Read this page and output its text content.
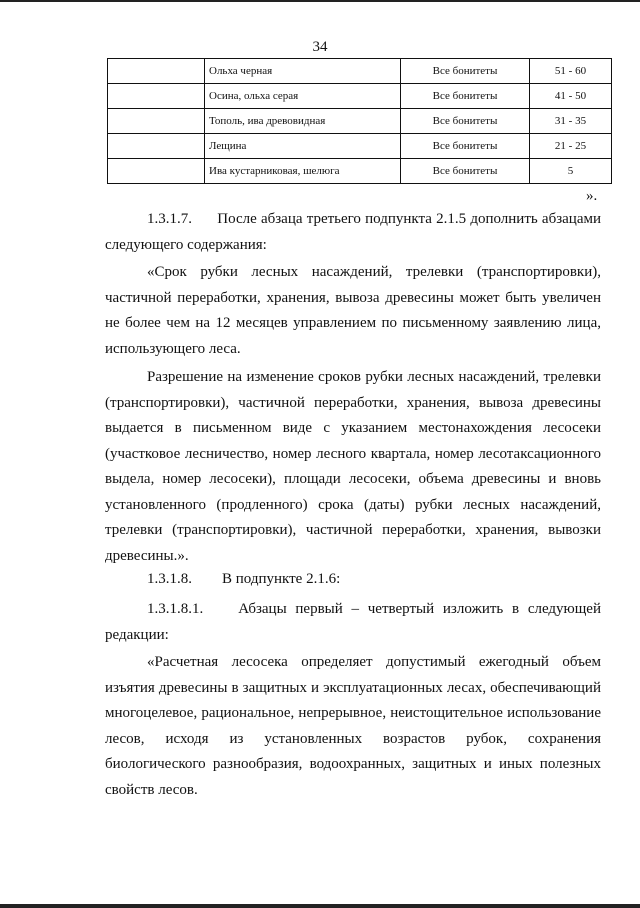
34
	Ольха черная	Все бонитеты	51 - 60
	Осина, ольха серая	Все бонитеты	41 - 50
	Тополь, ива древовидная	Все бонитеты	31 - 35
	Лещина	Все бонитеты	21 - 25
	Ива кустарниковая, шелюга	Все бонитеты	5
».

1.3.1.7. После абзаца третьего подпункта 2.1.5 дополнить абзацами следующего содержания:

«Срок рубки лесных насаждений, трелевки (транспортировки), частичной переработки, хранения, вывоза древесины может быть увеличен не более чем на 12 месяцев управлением по письменному заявлению лица, использующего леса.

Разрешение на изменение сроков рубки лесных насаждений, трелевки (транспортировки), частичной переработки, хранения, вывоза древесины выдается в письменном виде с указанием местонахождения лесосеки (участковое лесничество, номер лесного квартала, номер лесотаксационного выдела, номер лесосеки), площади лесосеки, объема древесины и вновь установленного (продленного) срока (даты) рубки лесных насаждений, трелевки (транспортировки), частичной переработки, хранения, вывозки древесины.».

1.3.1.8. В подпункте 2.1.6:

1.3.1.8.1. Абзацы первый – четвертый изложить в следующей редакции:

«Расчетная лесосека определяет допустимый ежегодный объем изъятия древесины в защитных и эксплуатационных лесах, обеспечивающий многоцелевое, рациональное, непрерывное, неистощительное использование лесов, исходя из установленных возрастов рубок, сохранения биологического разнообразия, водоохранных, защитных и иных полезных свойств лесов.
